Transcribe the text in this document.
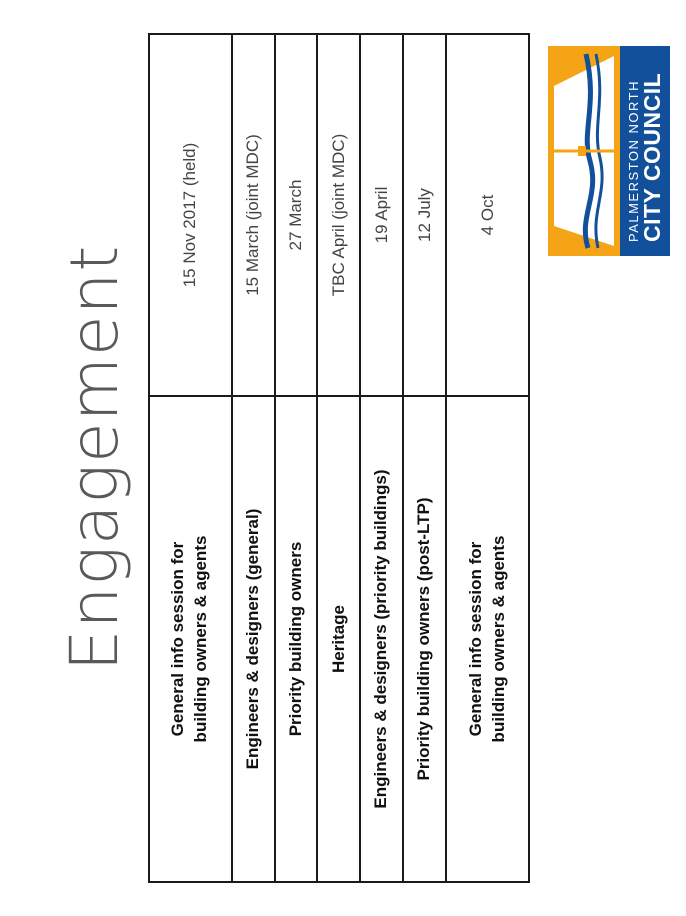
Engagement General info session for building owners & agents	15 Nov 2017 (held)

Engineers & designers (general)	15 March (joint MDC)

Priority building owners	27 March

Heritage	TBC April (joint MDC)

Engineers & designers (priority buildings)	19 April

Priority building owners (post-LTP)	12 July

General info session for building owners & agents	4 Oct	PALMERSTON NORTH
CITY COUNCIL
